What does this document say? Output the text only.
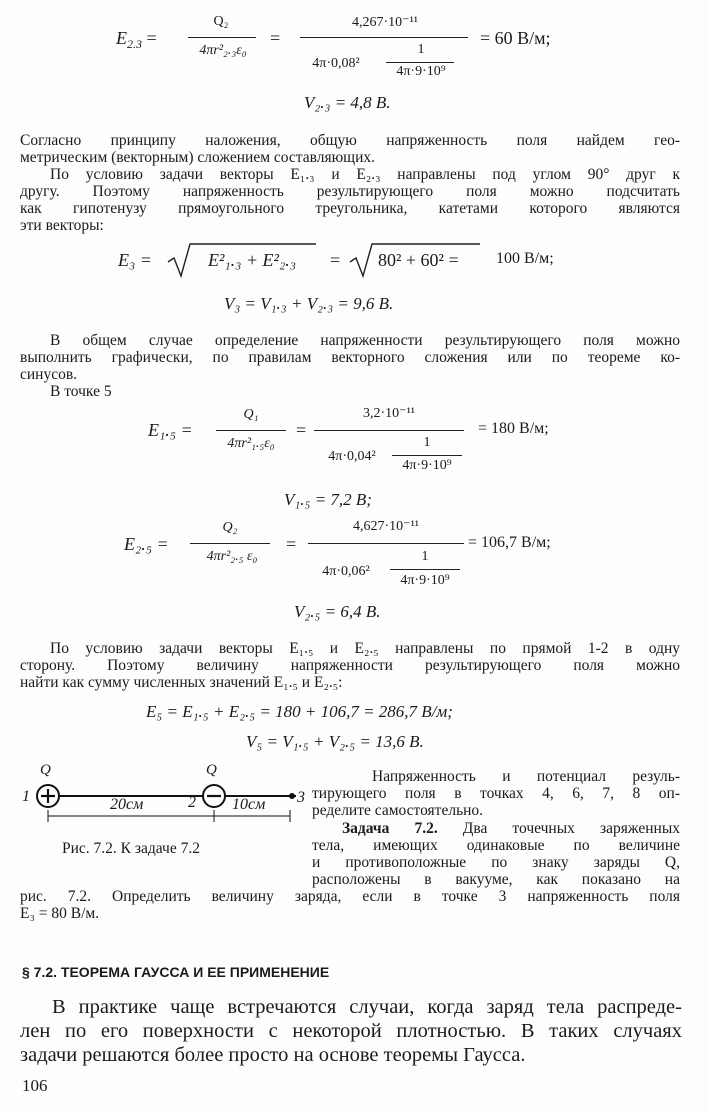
$E_{2.3}$ =
Q₂
4πr²₂.₃ε₀
=
4,267·10⁻¹¹
4π·0,08²
1
4π·9·10⁹
= 60 В/м;
V₂.₃ = 4,8 В.
Согласно принципу наложения, общую напряженность поля найдем гео-
метрическим (векторным) сложением составляющих.
По условию задачи векторы E₁.₃ и E₂.₃ направлены под углом 90° друг к
другу. Поэтому напряженность результирующего поля можно подсчитать
как гипотенузу прямоугольного треугольника, катетами которого являются
эти векторы:
E₃ =	E²₁.₃ + E²₂.₃ = 80² + 60² = 100 В/м;
V₃ = V₁.₃ + V₂.₃ = 9,6 В.
В общем случае определение напряженности результирующего поля можно
выполнить графически, по правилам векторного сложения или по теореме ко-
синусов.
В точке 5
E₁.₅ =
Q₁
4πr²₁.₅ε₀
=
3,2·10⁻¹¹
4π·0,04²
1
4π·9·10⁹
= 180 В/м;
V₁.₅ = 7,2 В;
E₂.₅ =
Q₂
4πr²₂.₅ ε₀
=
4,627·10⁻¹¹
4π·0,06²
1
4π·9·10⁹
= 106,7 В/м;
V₂.₅ = 6,4 В.
По условию задачи векторы E₁.₅ и E₂.₅ направлены по прямой 1-2 в одну
сторону. Поэтому величину напряженности результирующего поля можно
найти как сумму численных значений E₁.₅ и E₂.₅:
E₅ = E₁.₅ + E₂.₅ = 180 + 106,7 = 286,7 В/м;
V₅ = V₁.₅ + V₂.₅ = 13,6 В.
Q	Q
1	2	3
20см	10см
Рис. 7.2. К задаче 7.2
Напряженность и потенциал резуль-
тирующего поля в точках 4, 6, 7, 8 оп-
ределите самостоятельно.
Задача 7.2. Два точечных заряженных
тела, имеющих одинаковые по величине
и противоположные по знаку заряды Q,
расположены в вакууме, как показано на
рис. 7.2. Определить величину заряда, если в точке 3 напряженность поля
E₃ = 80 В/м.
§ 7.2. ТЕОРЕМА ГАУССА И ЕЕ ПРИМЕНЕНИЕ
В практике чаще встречаются случаи, когда заряд тела распреде-
лен по его поверхности с некоторой плотностью. В таких случаях
задачи решаются более просто на основе теоремы Гаусса.
106
